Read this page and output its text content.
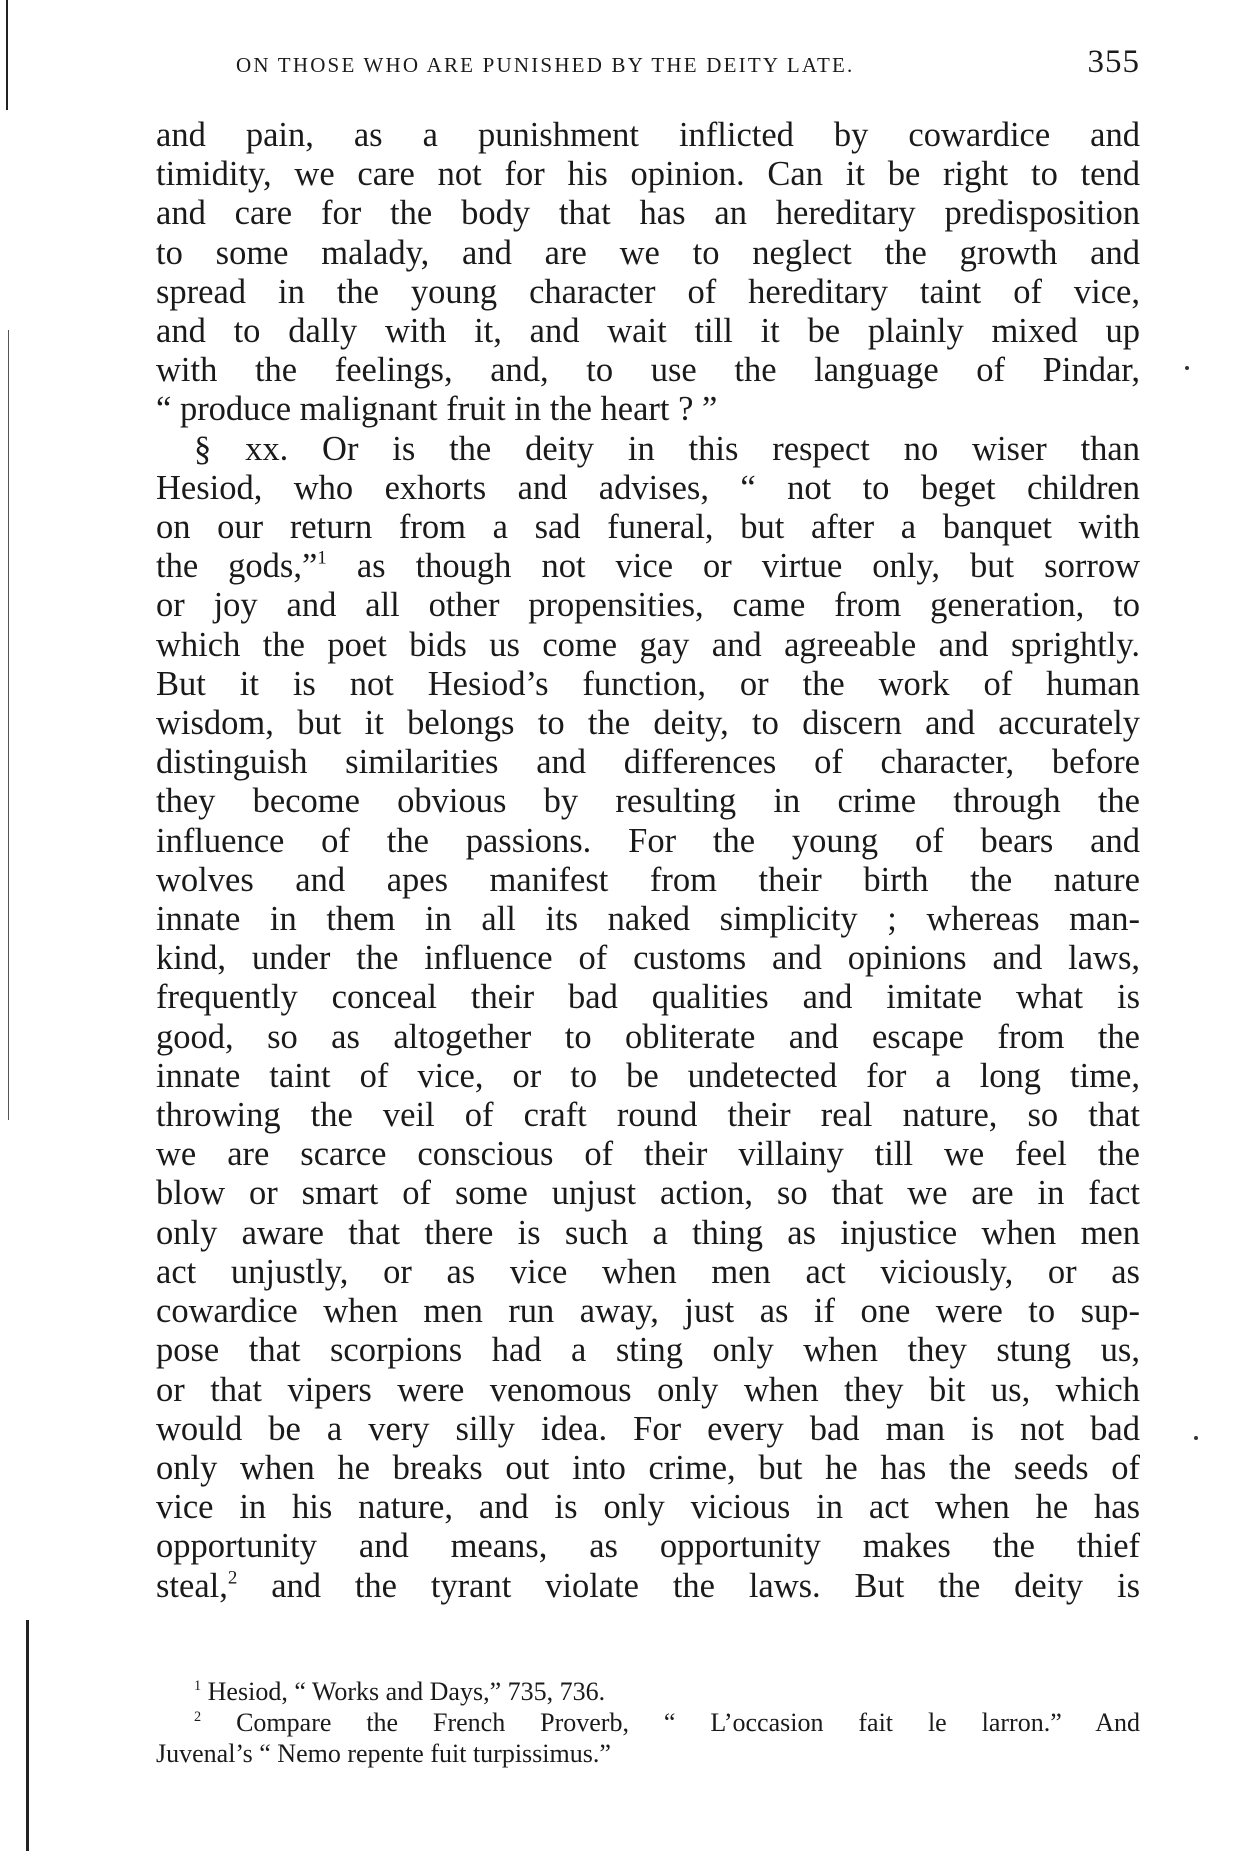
ON THOSE WHO ARE PUNISHED BY THE DEITY LATE.	355
and pain, as a punishment inflicted by cowardice and
timidity, we care not for his opinion. Can it be right to tend
and care for the body that has an hereditary predisposition
to some malady, and are we to neglect the growth and
spread in the young character of hereditary taint of vice,
and to dally with it, and wait till it be plainly mixed up
with the feelings, and, to use the language of Pindar,
“ produce malignant fruit in the heart ? ”
§ xx. Or is the deity in this respect no wiser than
Hesiod, who exhorts and advises, “ not to beget children
on our return from a sad funeral, but after a banquet with
the gods,”$^1$ as though not vice or virtue only, but sorrow
or joy and all other propensities, came from generation, to
which the poet bids us come gay and agreeable and sprightly.
But it is not Hesiod’s function, or the work of human
wisdom, but it belongs to the deity, to discern and accurately
distinguish similarities and differences of character, before
they become obvious by resulting in crime through the
influence of the passions. For the young of bears and
wolves and apes manifest from their birth the nature
innate in them in all its naked simplicity ; whereas man-
kind, under the influence of customs and opinions and laws,
frequently conceal their bad qualities and imitate what is
good, so as altogether to obliterate and escape from the
innate taint of vice, or to be undetected for a long time,
throwing the veil of craft round their real nature, so that
we are scarce conscious of their villainy till we feel the
blow or smart of some unjust action, so that we are in fact
only aware that there is such a thing as injustice when men
act unjustly, or as vice when men act viciously, or as
cowardice when men run away, just as if one were to sup-
pose that scorpions had a sting only when they stung us,
or that vipers were venomous only when they bit us, which
would be a very silly idea. For every bad man is not bad
only when he breaks out into crime, but he has the seeds of
vice in his nature, and is only vicious in act when he has
opportunity and means, as opportunity makes the thief
steal,$^2$ and the tyrant violate the laws. But the deity is
$^1$ Hesiod, “ Works and Days,” 735, 736.
$^2$ Compare the French Proverb, “ L’occasion fait le larron.” And
Juvenal’s “ Nemo repente fuit turpissimus.”
